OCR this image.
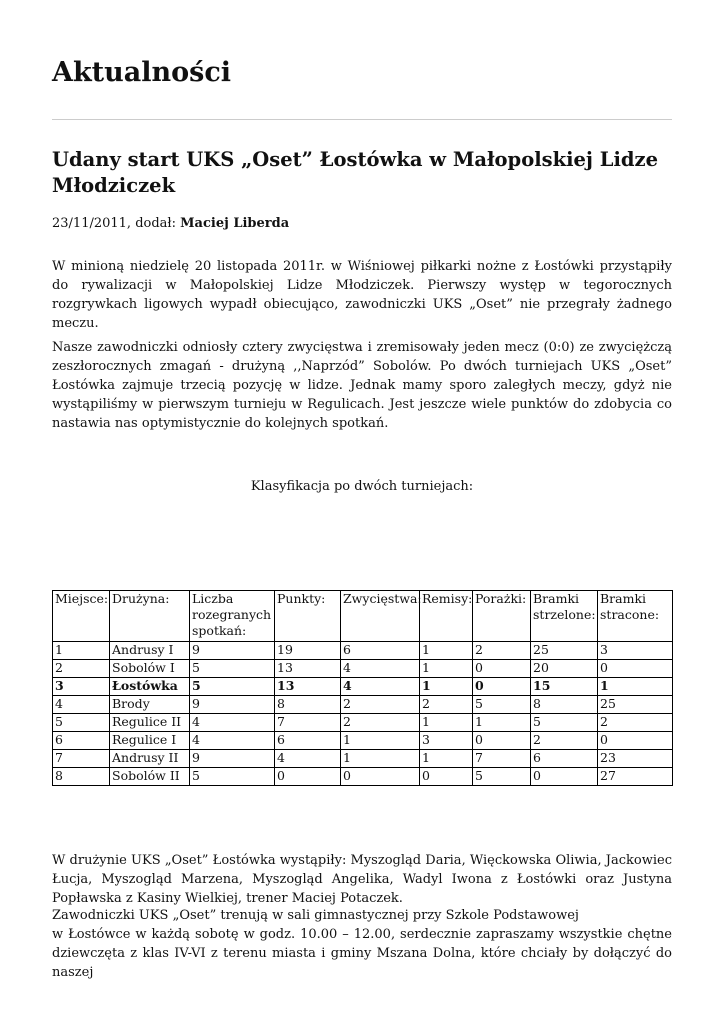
Aktualności
Udany start UKS „Oset” Łostówka w Małopolskiej Lidze Młodziczek
23/11/2011, dodał: Maciej Liberda

W minioną niedzielę 20 listopada 2011r. w Wiśniowej piłkarki nożne z Łostówki przystąpiły do rywalizacji w Małopolskiej Lidze Młodziczek. Pierwszy występ w tegorocznych rozgrywkach ligowych wypadł obiecująco, zawodniczki UKS „Oset” nie przegrały żadnego meczu.

Nasze zawodniczki odniosły cztery zwycięstwa i zremisowały jeden mecz (0:0) ze zwyciężczą zeszłorocznych zmagań - drużyną ,,Naprzód” Sobolów. Po dwóch turniejach UKS „Oset” Łostówka zajmuje trzecią pozycję w lidze. Jednak mamy sporo zaległych meczy, gdyż nie wystąpiliśmy w pierwszym turnieju w Regulicach. Jest jeszcze wiele punktów do zdobycia co nastawia nas optymistycznie do kolejnych spotkań.

Klasyfikacja po dwóch turniejach:
Miejsce:	Drużyna:	Liczba rozegranych spotkań:	Punkty:	Zwycięstwa:	Remisy:	Porażki:	Bramki strzelone:	Bramki stracone:
1	Andrusy I	9	19	6	1	2	25	3
2	Sobolów I	5	13	4	1	0	20	0
3	Łostówka	5	13	4	1	0	15	1
4	Brody	9	8	2	2	5	8	25
5	Regulice II	4	7	2	1	1	5	2
6	Regulice I	4	6	1	3	0	2	0
7	Andrusy II	9	4	1	1	7	6	23
8	Sobolów II	5	0	0	0	5	0	27

W drużynie UKS „Oset” Łostówka wystąpiły: Myszogląd Daria, Więckowska Oliwia, Jackowiec Łucja, Myszogląd Marzena, Myszogląd Angelika, Wadyl Iwona z Łostówki oraz Justyna Popławska z Kasiny Wielkiej, trener Maciej Potaczek.

Zawodniczki UKS „Oset” trenują w sali gimnastycznej przy Szkole Podstawowej

w Łostówce w każdą sobotę w godz. 10.00 – 12.00, serdecznie zapraszamy wszystkie chętne dziewczęta z klas IV-VI z terenu miasta i gminy Mszana Dolna, które chciały by dołączyć do naszej
